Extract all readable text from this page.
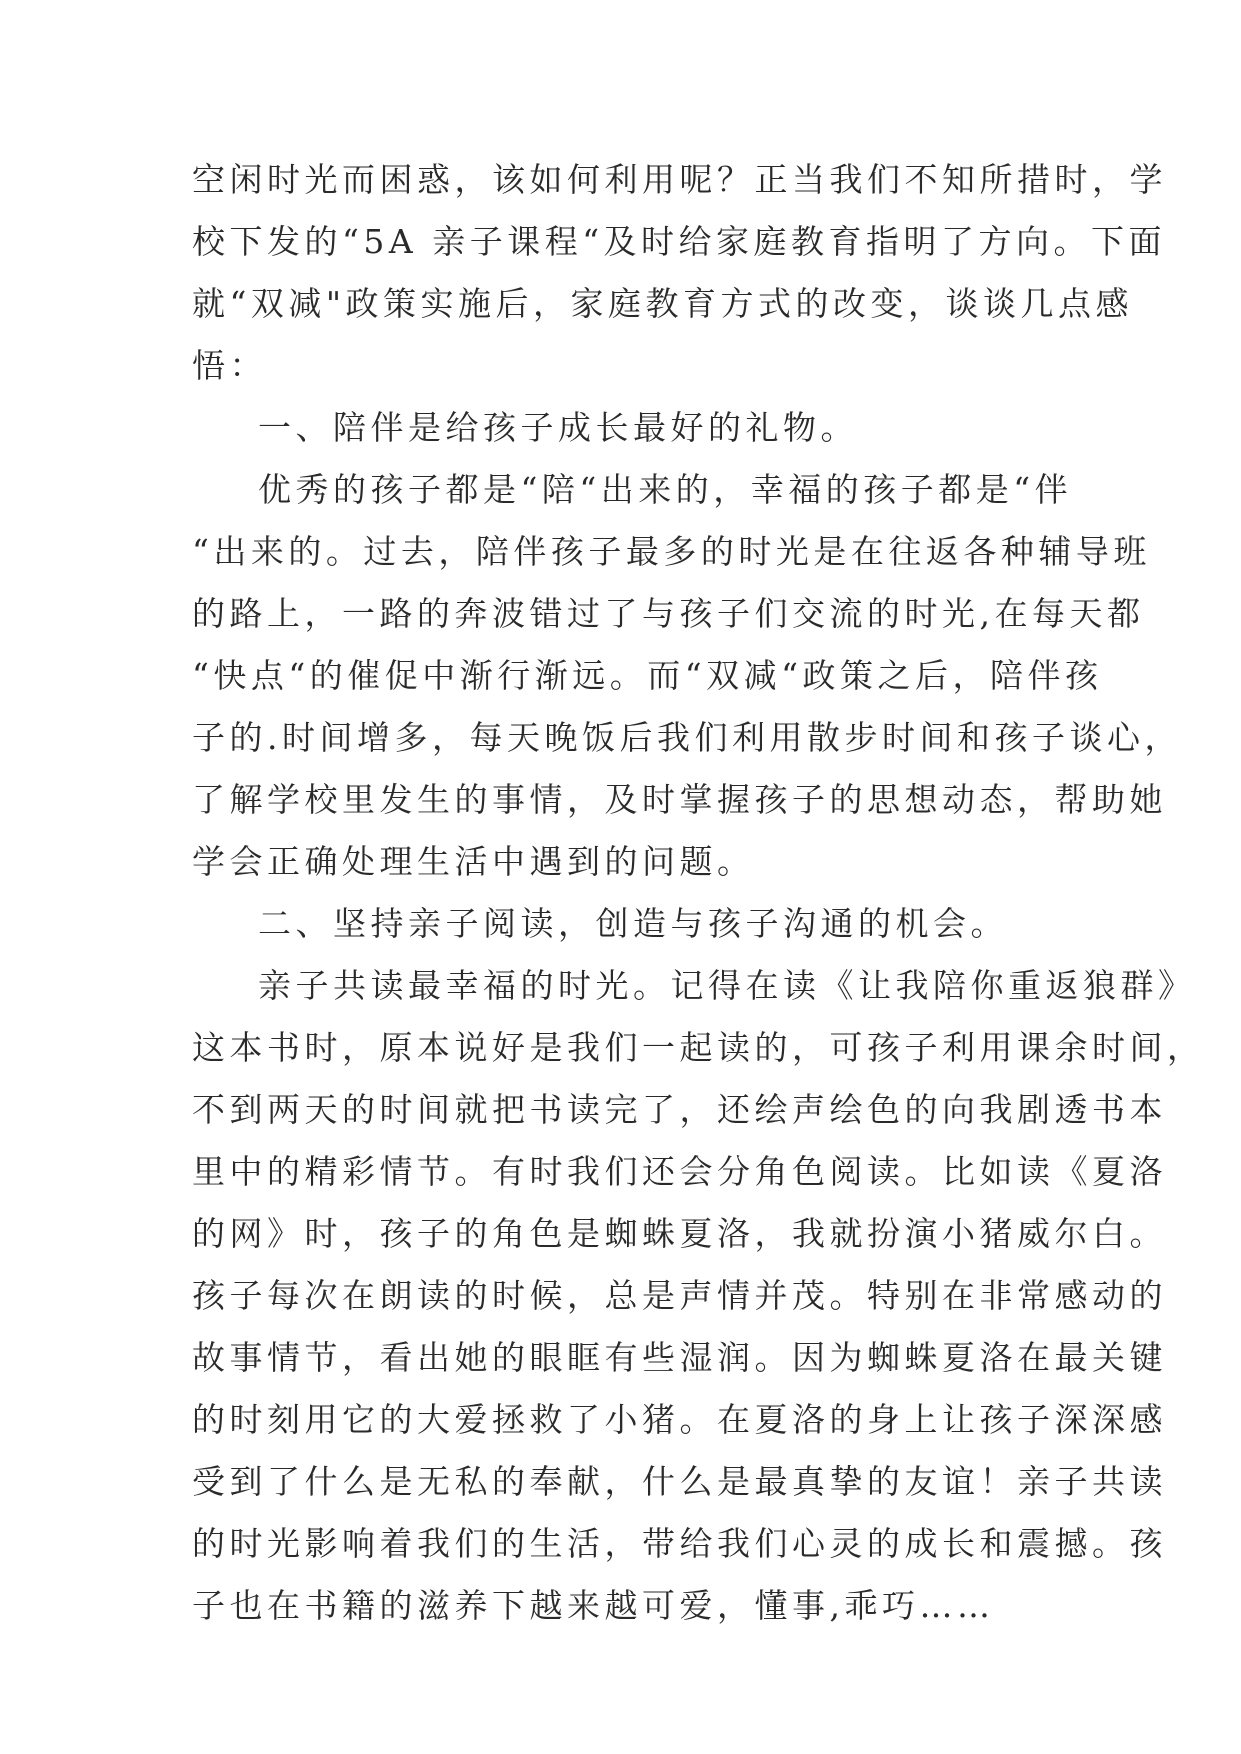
空闲时光而困惑，该如何利用呢？正当我们不知所措时，学
校下发的“5A 亲子课程“及时给家庭教育指明了方向。下面
就“双减"政策实施后，家庭教育方式的改变，谈谈几点感
悟：
一、陪伴是给孩子成长最好的礼物。
优秀的孩子都是“陪“出来的，幸福的孩子都是“伴
“出来的。过去，陪伴孩子最多的时光是在往返各种辅导班
的路上，一路的奔波错过了与孩子们交流的时光,在每天都
“快点“的催促中渐行渐远。而“双减“政策之后，陪伴孩
子的.时间增多，每天晚饭后我们利用散步时间和孩子谈心，
了解学校里发生的事情，及时掌握孩子的思想动态，帮助她
学会正确处理生活中遇到的问题。
二、坚持亲子阅读，创造与孩子沟通的机会。
亲子共读最幸福的时光。记得在读《让我陪你重返狼群》
这本书时，原本说好是我们一起读的，可孩子利用课余时间，
不到两天的时间就把书读完了，还绘声绘色的向我剧透书本
里中的精彩情节。有时我们还会分角色阅读。比如读《夏洛
的网》时，孩子的角色是蜘蛛夏洛，我就扮演小猪威尔白。
孩子每次在朗读的时候，总是声情并茂。特别在非常感动的
故事情节，看出她的眼眶有些湿润。因为蜘蛛夏洛在最关键
的时刻用它的大爱拯救了小猪。在夏洛的身上让孩子深深感
受到了什么是无私的奉献，什么是最真挚的友谊！亲子共读
的时光影响着我们的生活，带给我们心灵的成长和震撼。孩
子也在书籍的滋养下越来越可爱，懂事,乖巧……
